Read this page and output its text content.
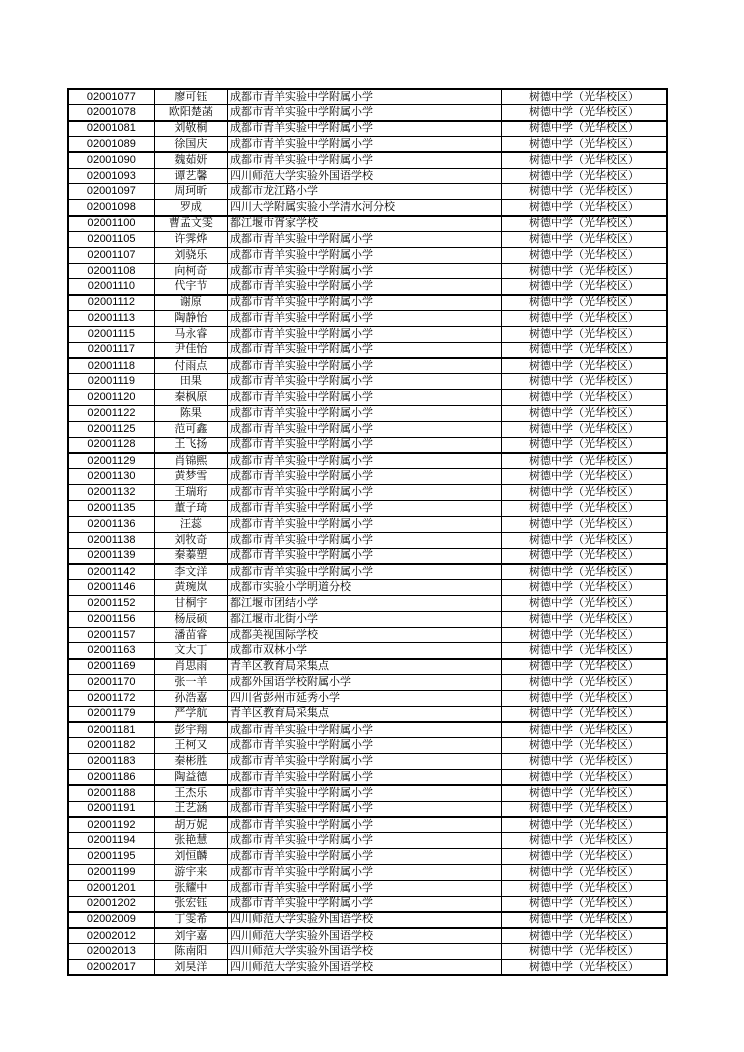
02001077	廖可钰	成都市青羊实验中学附属小学	树德中学（光华校区）
02001078	欧阳楚菡	成都市青羊实验中学附属小学	树德中学（光华校区）
02001081	刘敬桐	成都市青羊实验中学附属小学	树德中学（光华校区）
02001089	徐国庆	成都市青羊实验中学附属小学	树德中学（光华校区）
02001090	魏茹妍	成都市青羊实验中学附属小学	树德中学（光华校区）
02001093	谭艺馨	四川师范大学实验外国语学校	树德中学（光华校区）
02001097	周珂昕	成都市龙江路小学	树德中学（光华校区）
02001098	罗成	四川大学附属实验小学清水河分校	树德中学（光华校区）
02001100	曹孟文雯	都江堰市胥家学校	树德中学（光华校区）
02001105	许霁烨	成都市青羊实验中学附属小学	树德中学（光华校区）
02001107	刘骁乐	成都市青羊实验中学附属小学	树德中学（光华校区）
02001108	向柯奇	成都市青羊实验中学附属小学	树德中学（光华校区）
02001110	代宇节	成都市青羊实验中学附属小学	树德中学（光华校区）
02001112	谢原	成都市青羊实验中学附属小学	树德中学（光华校区）
02001113	陶静怡	成都市青羊实验中学附属小学	树德中学（光华校区）
02001115	马永睿	成都市青羊实验中学附属小学	树德中学（光华校区）
02001117	尹佳怡	成都市青羊实验中学附属小学	树德中学（光华校区）
02001118	付雨点	成都市青羊实验中学附属小学	树德中学（光华校区）
02001119	田果	成都市青羊实验中学附属小学	树德中学（光华校区）
02001120	秦枫原	成都市青羊实验中学附属小学	树德中学（光华校区）
02001122	陈果	成都市青羊实验中学附属小学	树德中学（光华校区）
02001125	范可鑫	成都市青羊实验中学附属小学	树德中学（光华校区）
02001128	王飞扬	成都市青羊实验中学附属小学	树德中学（光华校区）
02001129	肖锦熙	成都市青羊实验中学附属小学	树德中学（光华校区）
02001130	黄梦雪	成都市青羊实验中学附属小学	树德中学（光华校区）
02001132	王瑞珩	成都市青羊实验中学附属小学	树德中学（光华校区）
02001135	董子琦	成都市青羊实验中学附属小学	树德中学（光华校区）
02001136	汪蕊	成都市青羊实验中学附属小学	树德中学（光华校区）
02001138	刘牧奇	成都市青羊实验中学附属小学	树德中学（光华校区）
02001139	秦蓁塑	成都市青羊实验中学附属小学	树德中学（光华校区）
02001142	李文洋	成都市青羊实验中学附属小学	树德中学（光华校区）
02001146	黄琬岚	成都市实验小学明道分校	树德中学（光华校区）
02001152	甘桐宇	都江堰市团结小学	树德中学（光华校区）
02001156	杨辰硕	都江堰市北街小学	树德中学（光华校区）
02001157	潘苗睿	成都美视国际学校	树德中学（光华校区）
02001163	文大丁	成都市双林小学	树德中学（光华校区）
02001169	肖思雨	青羊区教育局采集点	树德中学（光华校区）
02001170	张一羊	成都外国语学校附属小学	树德中学（光华校区）
02001172	孙浩嘉	四川省彭州市延秀小学	树德中学（光华校区）
02001179	严学航	青羊区教育局采集点	树德中学（光华校区）
02001181	彭宇翔	成都市青羊实验中学附属小学	树德中学（光华校区）
02001182	王柯又	成都市青羊实验中学附属小学	树德中学（光华校区）
02001183	秦彬胜	成都市青羊实验中学附属小学	树德中学（光华校区）
02001186	陶益德	成都市青羊实验中学附属小学	树德中学（光华校区）
02001188	王杰乐	成都市青羊实验中学附属小学	树德中学（光华校区）
02001191	王艺涵	成都市青羊实验中学附属小学	树德中学（光华校区）
02001192	胡万妮	成都市青羊实验中学附属小学	树德中学（光华校区）
02001194	张艳慧	成都市青羊实验中学附属小学	树德中学（光华校区）
02001195	刘恒麟	成都市青羊实验中学附属小学	树德中学（光华校区）
02001199	游宇来	成都市青羊实验中学附属小学	树德中学（光华校区）
02001201	张耀中	成都市青羊实验中学附属小学	树德中学（光华校区）
02001202	张宏钰	成都市青羊实验中学附属小学	树德中学（光华校区）
02002009	丁雯希	四川师范大学实验外国语学校	树德中学（光华校区）
02002012	刘宇嘉	四川师范大学实验外国语学校	树德中学（光华校区）
02002013	陈南阳	四川师范大学实验外国语学校	树德中学（光华校区）
02002017	刘昊洋	四川师范大学实验外国语学校	树德中学（光华校区）
